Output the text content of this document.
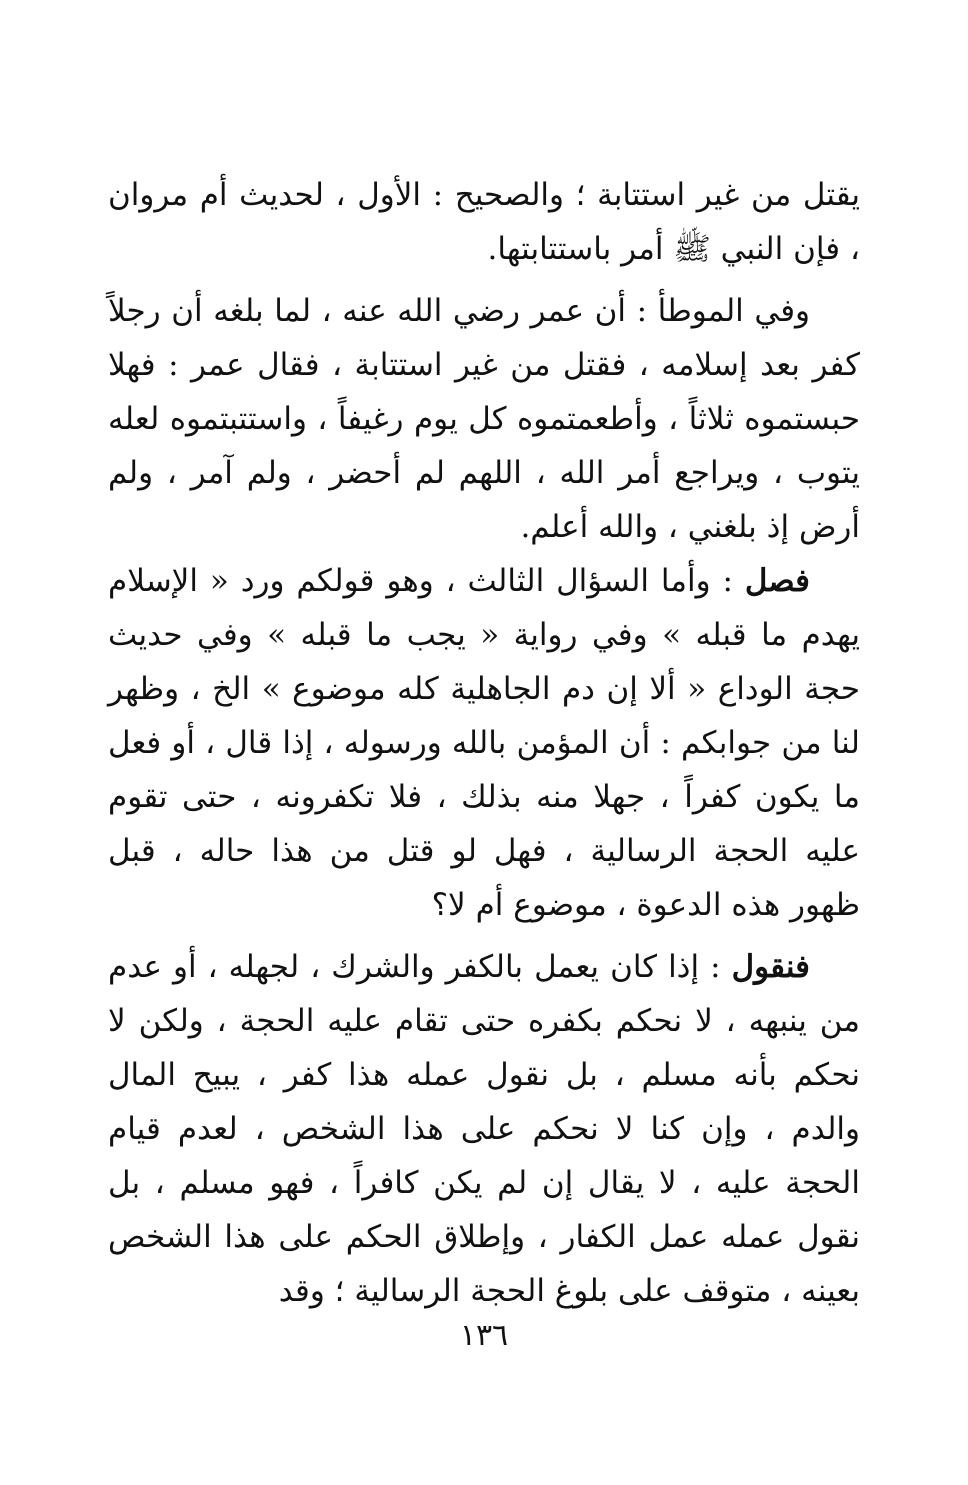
يقتل من غير استتابة ؛ والصحيح : الأول ، لحديث أم مروان ، فإن النبي ﷺ أمر باستتابتها.

وفي الموطأ : أن عمر رضي الله عنه ، لما بلغه أن رجلاً كفر بعد إسلامه ، فقتل من غير استتابة ، فقال عمر : فهلا حبستموه ثلاثاً ، وأطعمتموه كل يوم رغيفاً ، واستتبتموه لعله يتوب ، ويراجع أمر الله ، اللهم لم أحضر ، ولم آمر ، ولم أرض إذ بلغني ، والله أعلم.

فصل : وأما السؤال الثالث ، وهو قولكم ورد « الإسلام يهدم ما قبله » وفي رواية « يجب ما قبله » وفي حديث حجة الوداع « ألا إن دم الجاهلية كله موضوع » الخ ، وظهر لنا من جوابكم : أن المؤمن بالله ورسوله ، إذا قال ، أو فعل ما يكون كفراً ، جهلا منه بذلك ، فلا تكفرونه ، حتى تقوم عليه الحجة الرسالية ، فهل لو قتل من هذا حاله ، قبل ظهور هذه الدعوة ، موضوع أم لا؟

فنقول : إذا كان يعمل بالكفر والشرك ، لجهله ، أو عدم من ينبهه ، لا نحكم بكفره حتى تقام عليه الحجة ، ولكن لا نحكم بأنه مسلم ، بل نقول عمله هذا كفر ، يبيح المال والدم ، وإن كنا لا نحكم على هذا الشخص ، لعدم قيام الحجة عليه ، لا يقال إن لم يكن كافراً ، فهو مسلم ، بل نقول عمله عمل الكفار ، وإطلاق الحكم على هذا الشخص بعينه ، متوقف على بلوغ الحجة الرسالية ؛ وقد

١٣٦
